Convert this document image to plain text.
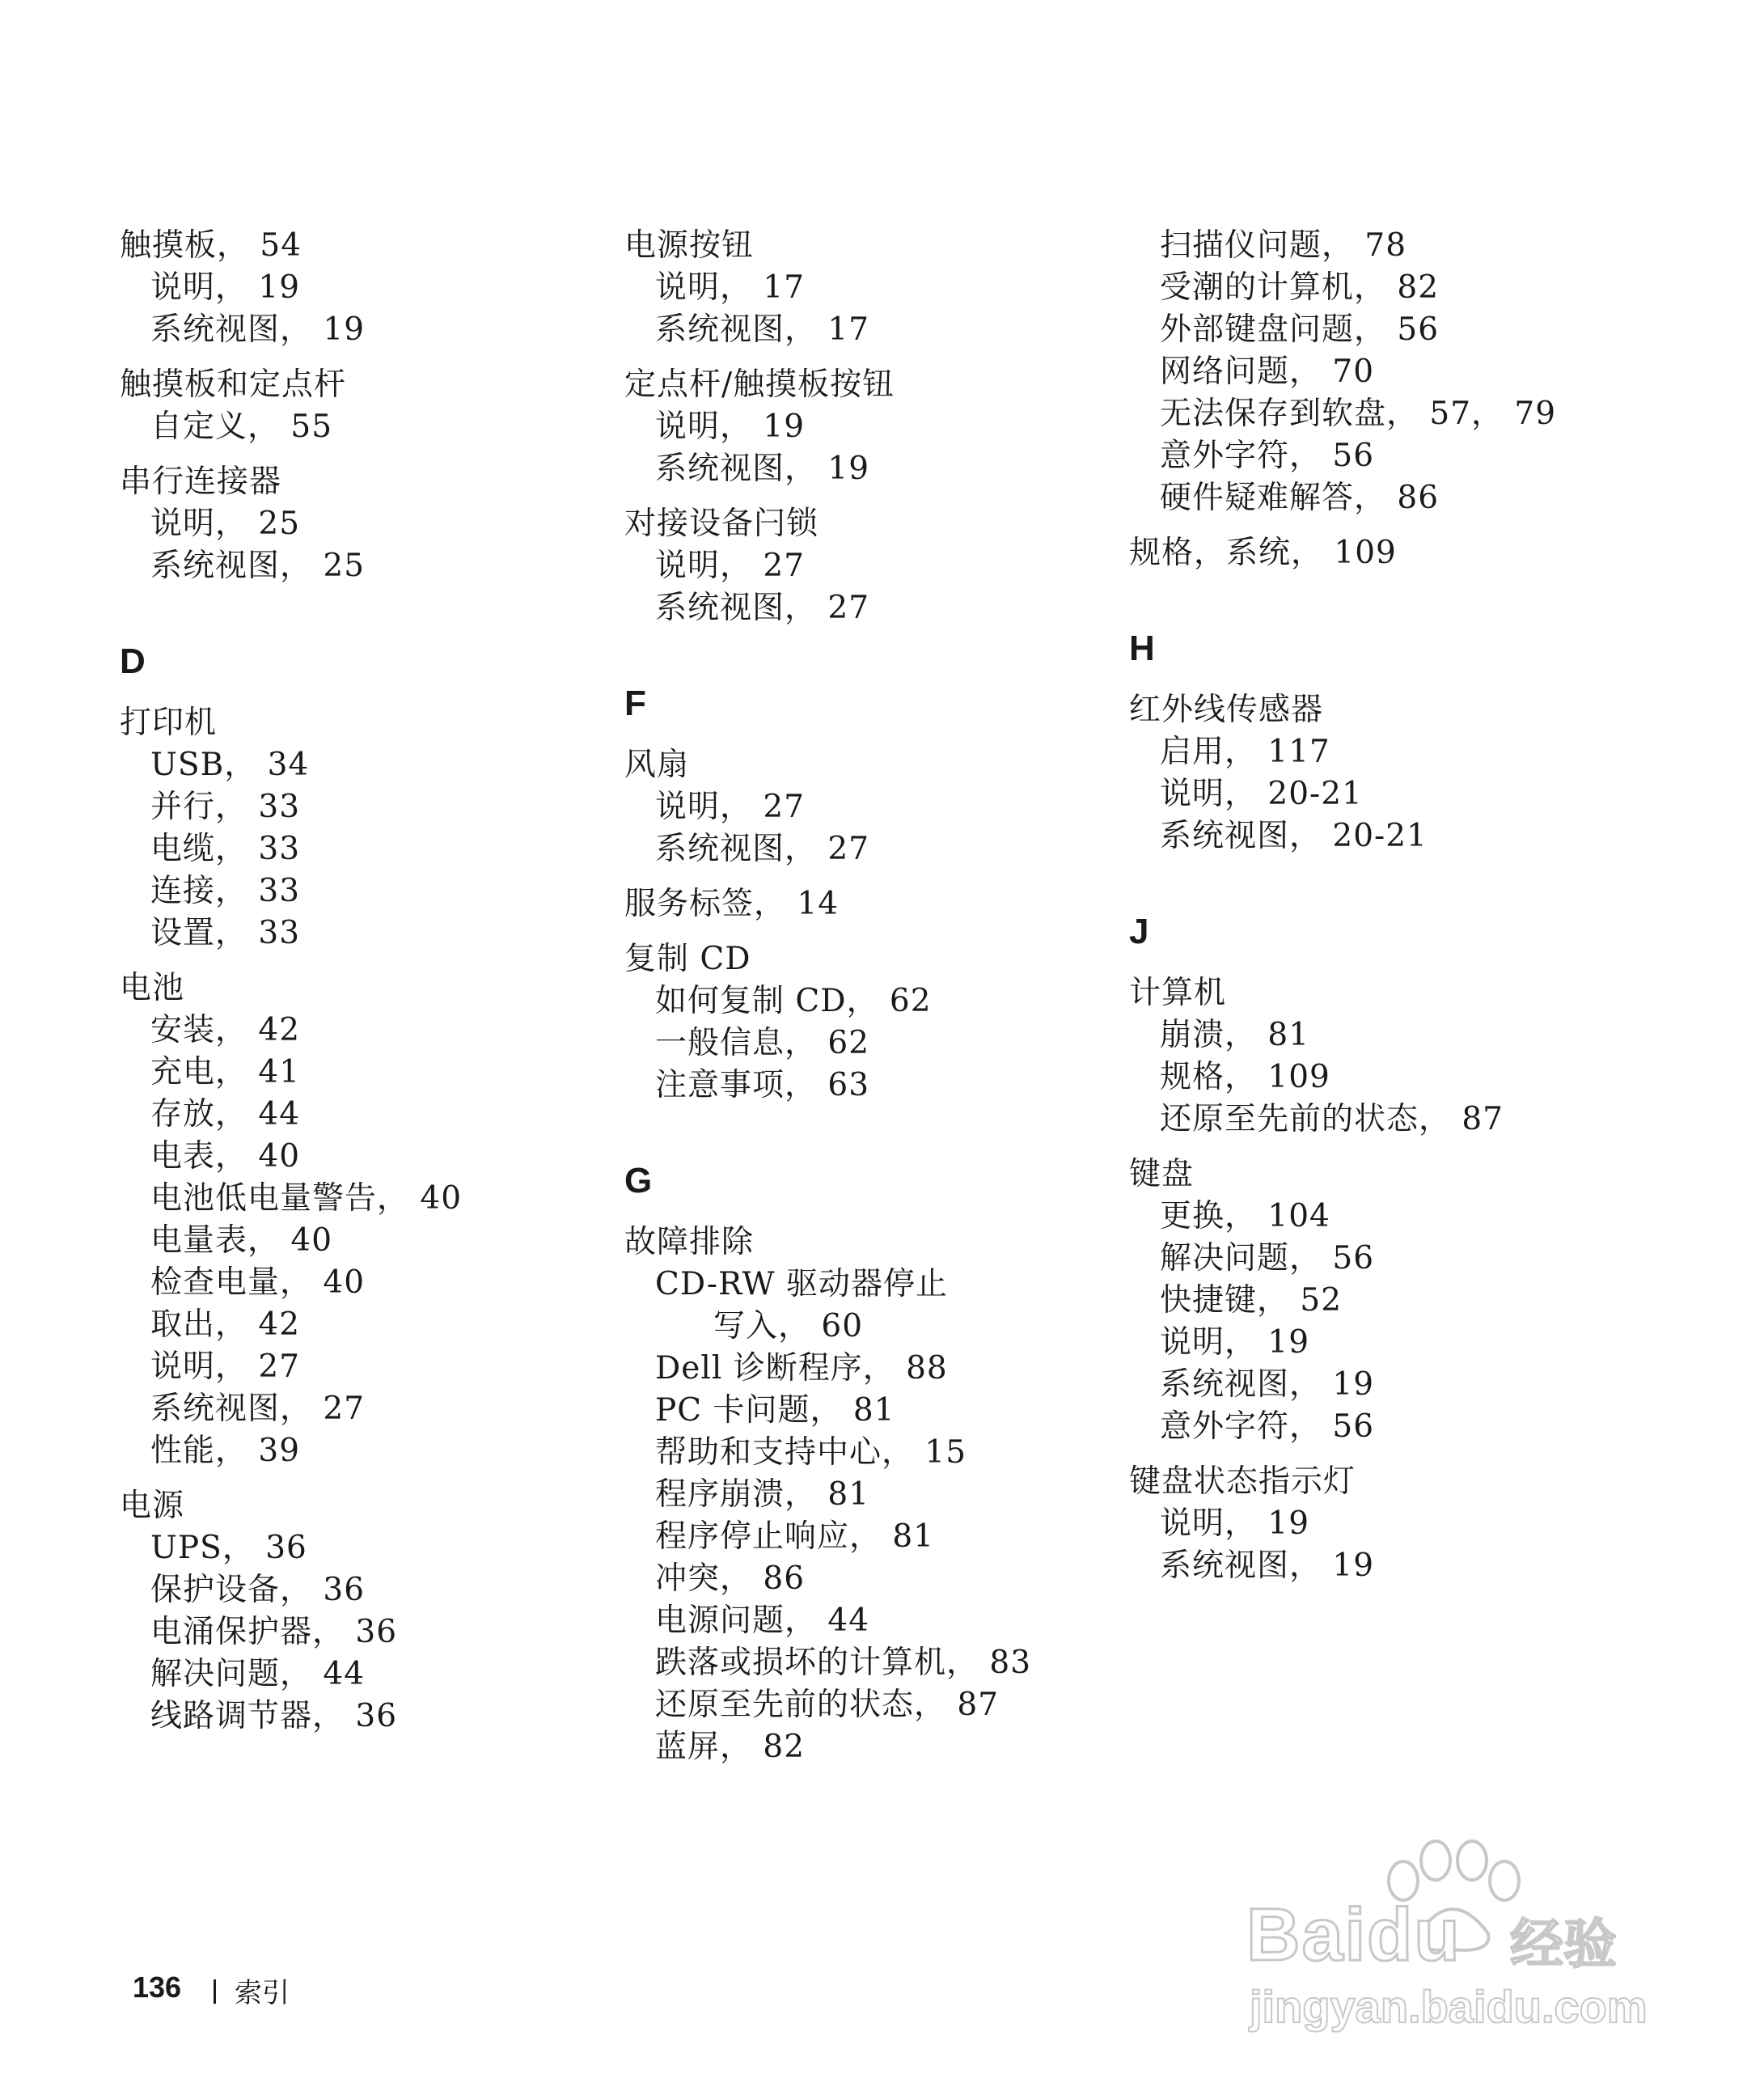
触摸板， 54
说明， 19
系统视图， 19
触摸板和定点杆
自定义， 55
串行连接器
说明， 25
系统视图， 25
D
打印机
USB， 34
并行， 33
电缆， 33
连接， 33
设置， 33
电池
安装， 42
充电， 41
存放， 44
电表， 40
电池低电量警告， 40
电量表， 40
检查电量， 40
取出， 42
说明， 27
系统视图， 27
性能， 39
电源
UPS， 36
保护设备， 36
电涌保护器， 36
解决问题， 44
线路调节器， 36
电源按钮
说明， 17
系统视图， 17
定点杆/触摸板按钮
说明， 19
系统视图， 19
对接设备闩锁
说明， 27
系统视图， 27
F
风扇
说明， 27
系统视图， 27
服务标签， 14
复制 CD
如何复制 CD， 62
一般信息， 62
注意事项， 63
G
故障排除
CD-RW 驱动器停止
写入， 60
Dell 诊断程序， 88
PC 卡问题， 81
帮助和支持中心， 15
程序崩溃， 81
程序停止响应， 81
冲突， 86
电源问题， 44
跌落或损坏的计算机， 83
还原至先前的状态， 87
蓝屏， 82
扫描仪问题， 78
受潮的计算机， 82
外部键盘问题， 56
网络问题， 70
无法保存到软盘， 57， 79
意外字符， 56
硬件疑难解答， 86
规格，系统， 109
H
红外线传感器
启用， 117
说明， 20-21
系统视图， 20-21
J
计算机
崩溃， 81
规格， 109
还原至先前的状态， 87
键盘
更换， 104
解决问题， 56
快捷键， 52
说明， 19
系统视图， 19
意外字符， 56
键盘状态指示灯
说明， 19
系统视图， 19
136 索引
Baidu 经验
jingyan.baidu.com
